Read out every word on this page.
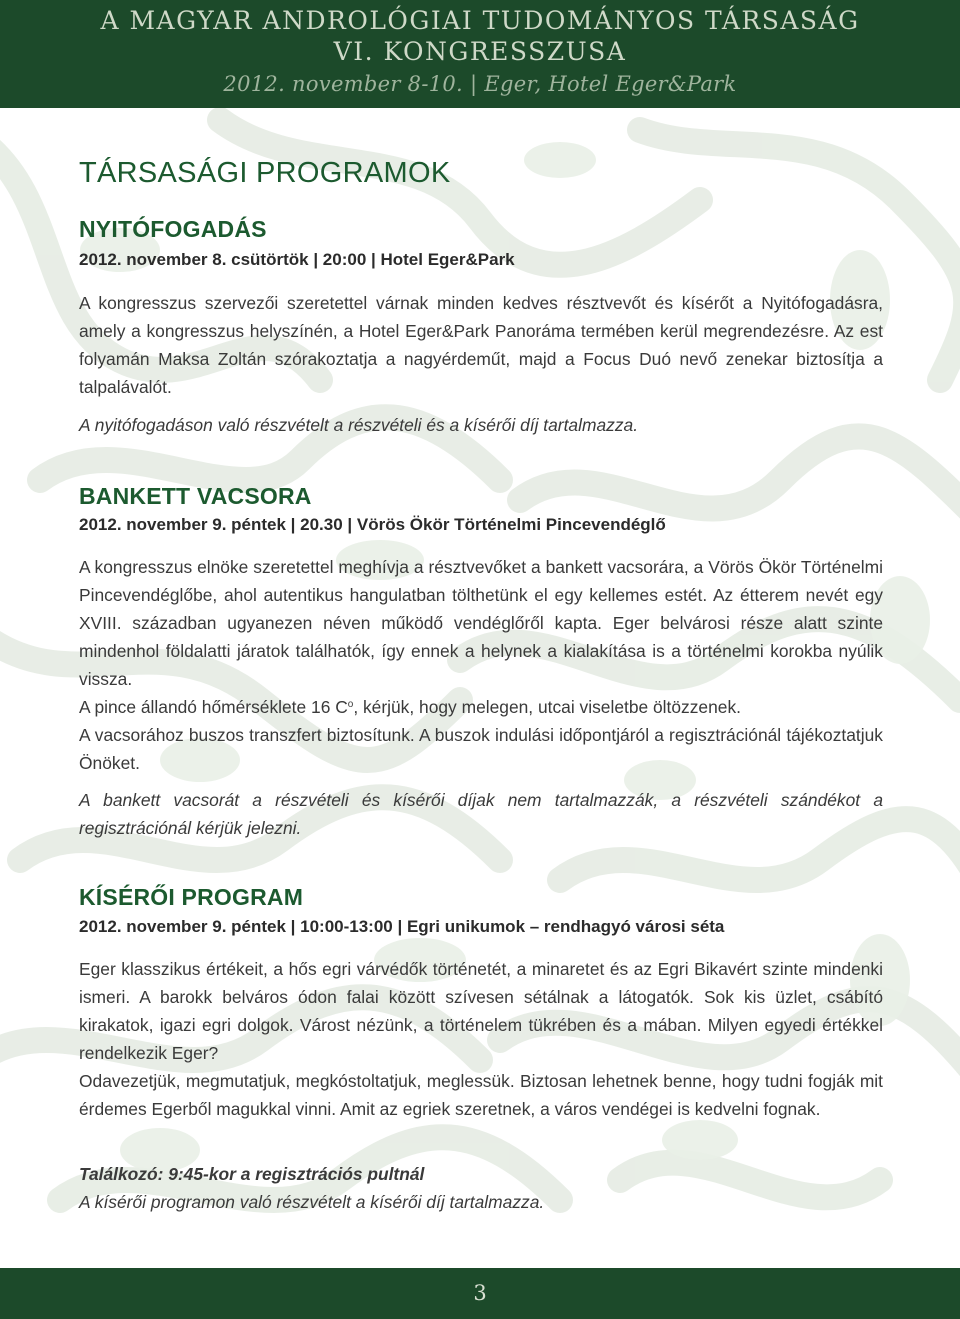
A MAGYAR ANDROLÓGIAI TUDOMÁNYOS TÁRSASÁG
VI. KONGRESSZUSA
2012. november 8-10. | Eger, Hotel Eger&Park
TÁRSASÁGI PROGRAMOK
NYITÓFOGADÁS
2012. november 8. csütörtök | 20:00 | Hotel Eger&Park

A kongresszus szervezői szeretettel várnak minden kedves résztvevőt és kísérőt a Nyitófogadásra, amely a kongresszus helyszínén, a Hotel Eger&Park Panoráma termében kerül megrendezésre. Az est folyamán Maksa Zoltán szórakoztatja a nagyérdeműt, majd a Focus Duó nevő zenekar biztosítja a talpalávalót.

A nyitófogadáson való részvételt a részvételi és a kísérői díj tartalmazza.
BANKETT VACSORA
2012. november 9. péntek | 20.30 | Vörös Ökör Történelmi Pincevendéglő

A kongresszus elnöke szeretettel meghívja a résztvevőket a bankett vacsorára, a Vörös Ökör Történelmi Pincevendéglőbe, ahol autentikus hangulatban tölthetünk el egy kellemes estét. Az étterem nevét egy XVIII. században ugyanezen néven működő vendéglőről kapta. Eger belvárosi része alatt szinte mindenhol földalatti járatok találhatók, így ennek a helynek a kialakítása is a történelmi korokba nyúlik vissza.

A pince állandó hőmérséklete 16 $C^o$, kérjük, hogy melegen, utcai viseletbe öltözzenek.

A vacsorához buszos transzfert biztosítunk. A buszok indulási időpontjáról a regisztrációnál tájékoztatjuk Önöket.

A bankett vacsorát a részvételi és kísérői díjak nem tartalmazzák, a részvételi szándékot a regisztrációnál kérjük jelezni.
KÍSÉRŐI PROGRAM
2012. november 9. péntek | 10:00-13:00 | Egri unikumok – rendhagyó városi séta

Eger klasszikus értékeit, a hős egri várvédők történetét, a minaretet és az Egri Bikavért szinte mindenki ismeri. A barokk belváros ódon falai között szívesen sétálnak a látogatók. Sok kis üzlet, csábító kirakatok, igazi egri dolgok. Várost nézünk, a történelem tükrében és a mában. Milyen egyedi értékkel rendelkezik Eger?

Odavezetjük, megmutatjuk, megkóstoltatjuk, meglessük. Biztosan lehetnek benne, hogy tudni fogják mit érdemes Egerből magukkal vinni. Amit az egriek szeretnek, a város vendégei is kedvelni fognak.

Találkozó: 9:45-kor a regisztrációs pultnál
A kísérői programon való részvételt a kísérői díj tartalmazza.
3
